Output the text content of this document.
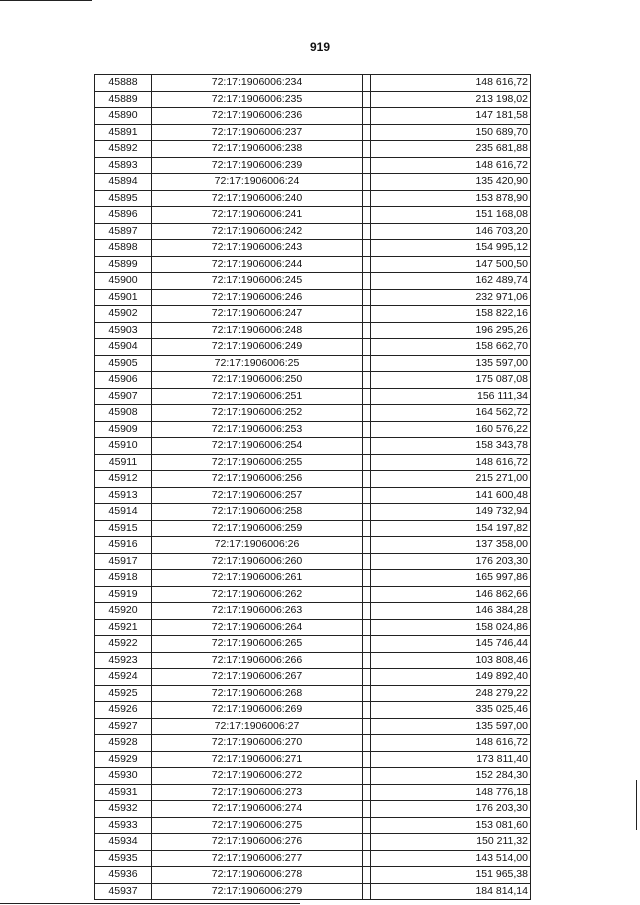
919
45888	72:17:1906006:234		148 616,72
45889	72:17:1906006:235		213 198,02
45890	72:17:1906006:236		147 181,58
45891	72:17:1906006:237		150 689,70
45892	72:17:1906006:238		235 681,88
45893	72:17:1906006:239		148 616,72
45894	72:17:1906006:24		135 420,90
45895	72:17:1906006:240		153 878,90
45896	72:17:1906006:241		151 168,08
45897	72:17:1906006:242		146 703,20
45898	72:17:1906006:243		154 995,12
45899	72:17:1906006:244		147 500,50
45900	72:17:1906006:245		162 489,74
45901	72:17:1906006:246		232 971,06
45902	72:17:1906006:247		158 822,16
45903	72:17:1906006:248		196 295,26
45904	72:17:1906006:249		158 662,70
45905	72:17:1906006:25		135 597,00
45906	72:17:1906006:250		175 087,08
45907	72:17:1906006:251		156 111,34
45908	72:17:1906006:252		164 562,72
45909	72:17:1906006:253		160 576,22
45910	72:17:1906006:254		158 343,78
45911	72:17:1906006:255		148 616,72
45912	72:17:1906006:256		215 271,00
45913	72:17:1906006:257		141 600,48
45914	72:17:1906006:258		149 732,94
45915	72:17:1906006:259		154 197,82
45916	72:17:1906006:26		137 358,00
45917	72:17:1906006:260		176 203,30
45918	72:17:1906006:261		165 997,86
45919	72:17:1906006:262		146 862,66
45920	72:17:1906006:263		146 384,28
45921	72:17:1906006:264		158 024,86
45922	72:17:1906006:265		145 746,44
45923	72:17:1906006:266		103 808,46
45924	72:17:1906006:267		149 892,40
45925	72:17:1906006:268		248 279,22
45926	72:17:1906006:269		335 025,46
45927	72:17:1906006:27		135 597,00
45928	72:17:1906006:270		148 616,72
45929	72:17:1906006:271		173 811,40
45930	72:17:1906006:272		152 284,30
45931	72:17:1906006:273		148 776,18
45932	72:17:1906006:274		176 203,30
45933	72:17:1906006:275		153 081,60
45934	72:17:1906006:276		150 211,32
45935	72:17:1906006:277		143 514,00
45936	72:17:1906006:278		151 965,38
45937	72:17:1906006:279		184 814,14
